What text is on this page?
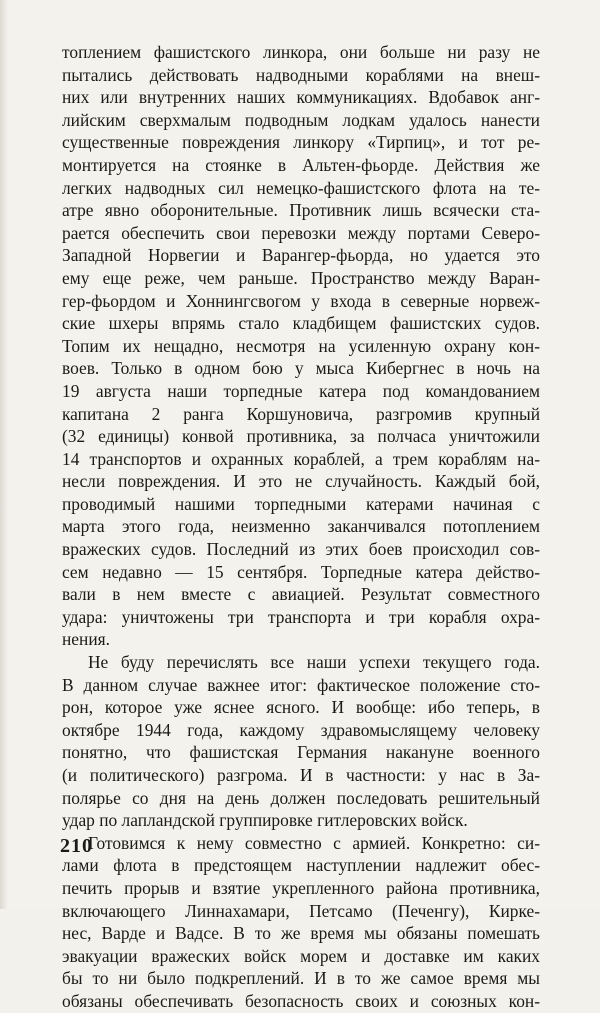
топлением фашистского линкора, они больше ни разу не
пытались действовать надводными кораблями на внеш-
них или внутренних наших коммуникациях. Вдобавок анг-
лийским сверхмалым подводным лодкам удалось нанести
существенные повреждения линкору «Тирпиц», и тот ре-
монтируется на стоянке в Альтен-фьорде. Действия же
легких надводных сил немецко-фашистского флота на те-
атре явно оборонительные. Противник лишь всячески ста-
рается обеспечить свои перевозки между портами Северо-
Западной Норвегии и Варангер-фьорда, но удается это
ему еще реже, чем раньше. Пространство между Варан-
гер-фьордом и Хоннингсвогом у входа в северные норвеж-
ские шхеры впрямь стало кладбищем фашистских судов.
Топим их нещадно, несмотря на усиленную охрану кон-
воев. Только в одном бою у мыса Кибергнес в ночь на
19 августа наши торпедные катера под командованием
капитана 2 ранга Коршуновича, разгромив крупный
(32 единицы) конвой противника, за полчаса уничтожили
14 транспортов и охранных кораблей, а трем кораблям на-
несли повреждения. И это не случайность. Каждый бой,
проводимый нашими торпедными катерами начиная с
марта этого года, неизменно заканчивался потоплением
вражеских судов. Последний из этих боев происходил сов-
сем недавно — 15 сентября. Торпедные катера действо-
вали в нем вместе с авиацией. Результат совместного
удара: уничтожены три транспорта и три корабля охра-
нения.
Не буду перечислять все наши успехи текущего года.
В данном случае важнее итог: фактическое положение сто-
рон, которое уже яснее ясного. И вообще: ибо теперь, в
октябре 1944 года, каждому здравомыслящему человеку
понятно, что фашистская Германия накануне военного
(и политического) разгрома. И в частности: у нас в За-
полярье со дня на день должен последовать решительный
удар по лапландской группировке гитлеровских войск.
Готовимся к нему совместно с армией. Конкретно: си-
лами флота в предстоящем наступлении надлежит обес-
печить прорыв и взятие укрепленного района противника,
включающего Линнахамари, Петсамо (Печенгу), Кирке-
нес, Варде и Вадсе. В то же время мы обязаны помешать
эвакуации вражеских войск морем и доставке им каких
бы то ни было подкреплений. И в то же самое время мы
обязаны обеспечивать безопасность своих и союзных кон-
210
